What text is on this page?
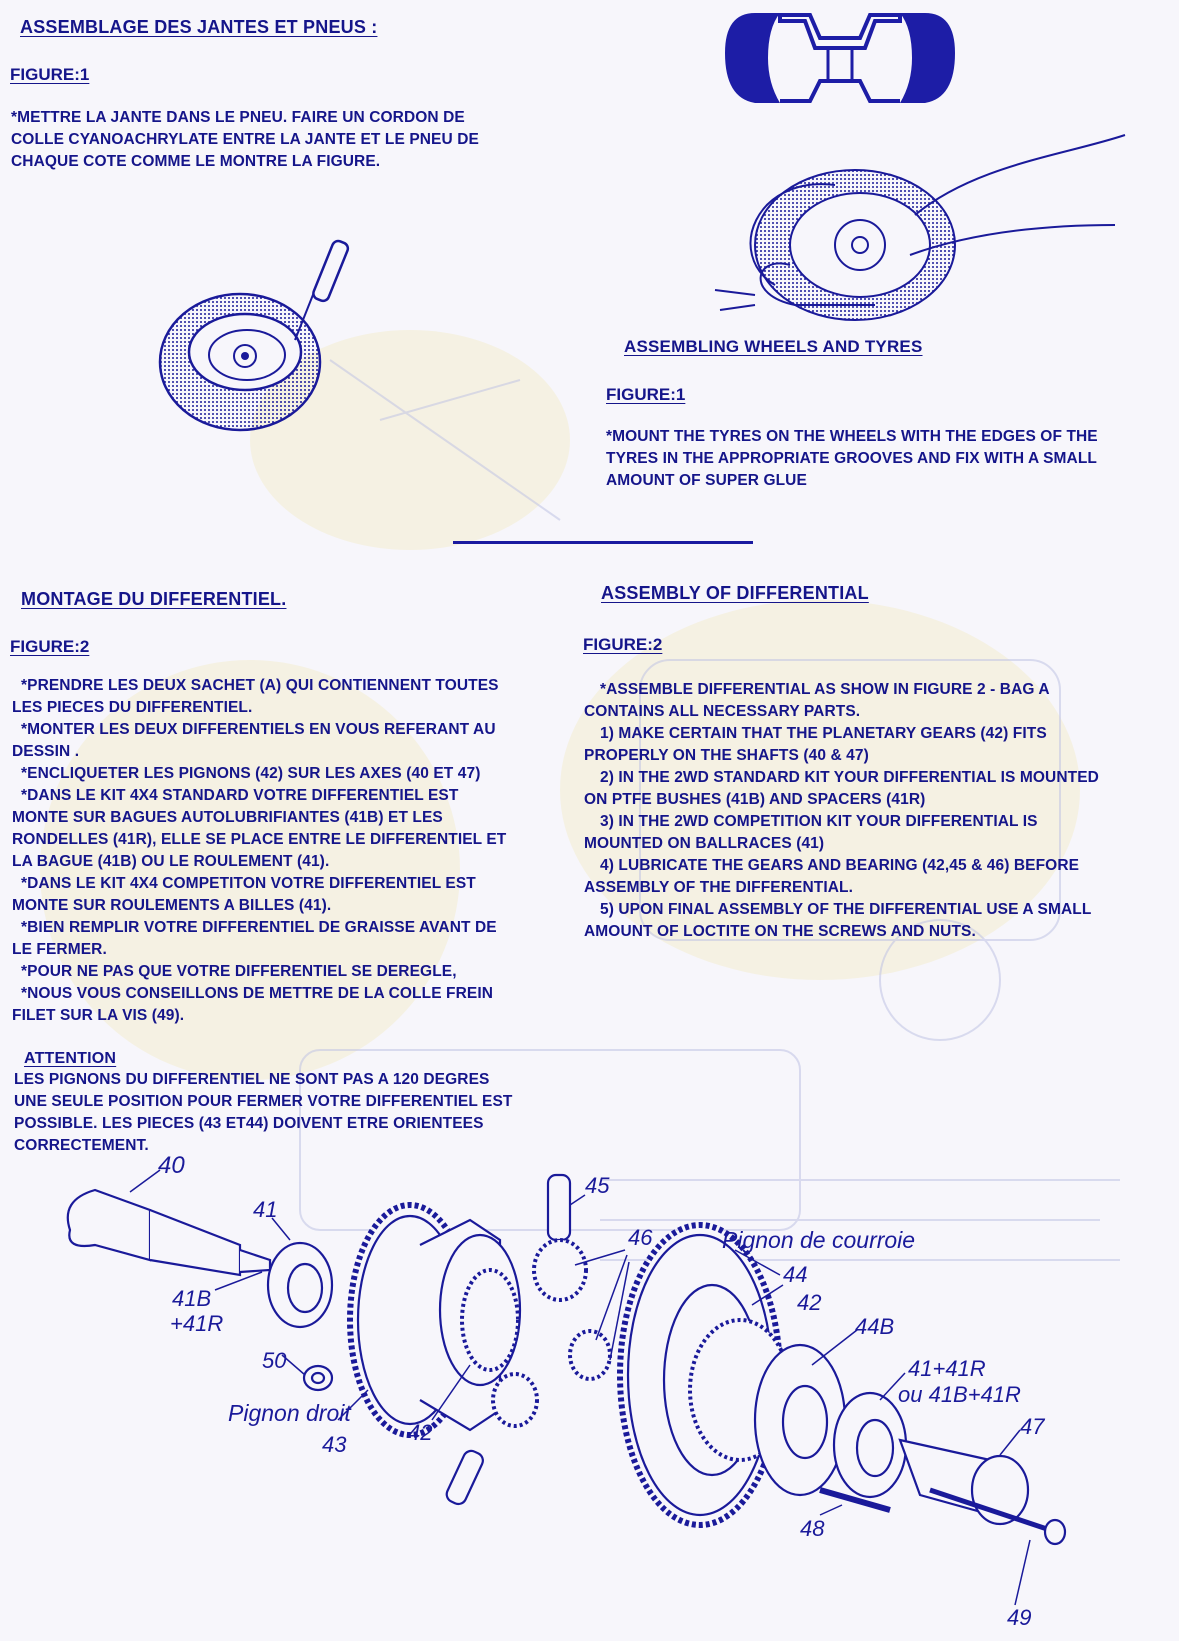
ASSEMBLAGE DES JANTES ET PNEUS :
FIGURE:1
*METTRE LA JANTE DANS LE PNEU. FAIRE UN CORDON DE COLLE CYANOACHRYLATE ENTRE LA JANTE ET LE PNEU DE CHAQUE COTE COMME LE MONTRE LA FIGURE.
ASSEMBLING WHEELS AND TYRES
FIGURE:1

*MOUNT THE TYRES ON THE WHEELS WITH THE EDGES OF THE

TYRES IN THE APPROPRIATE GROOVES AND FIX WITH A SMALL

AMOUNT OF SUPER GLUE

MONTAGE DU DIFFERENTIEL.
FIGURE:2

*PRENDRE LES DEUX SACHET (A) QUI CONTIENNENT TOUTES

LES PIECES DU DIFFERENTIEL.

*MONTER LES DEUX DIFFERENTIELS EN VOUS REFERANT AU

DESSIN .

*ENCLIQUETER LES PIGNONS (42) SUR LES AXES (40 ET 47)

*DANS LE KIT 4X4 STANDARD VOTRE DIFFERENTIEL EST

MONTE SUR BAGUES AUTOLUBRIFIANTES (41B) ET LES

RONDELLES (41R), ELLE SE PLACE ENTRE LE DIFFERENTIEL ET

LA BAGUE (41B) OU LE ROULEMENT (41).

*DANS LE KIT 4X4 COMPETITON VOTRE DIFFERENTIEL EST

MONTE SUR ROULEMENTS A BILLES (41).

*BIEN REMPLIR VOTRE DIFFERENTIEL DE GRAISSE AVANT DE

LE FERMER.

*POUR NE PAS QUE VOTRE DIFFERENTIEL SE DEREGLE,

*NOUS VOUS CONSEILLONS DE METTRE DE LA COLLE FREIN

FILET SUR LA VIS (49).

ATTENTION

LES PIGNONS DU DIFFERENTIEL NE SONT PAS A 120 DEGRES

UNE SEULE POSITION POUR FERMER VOTRE DIFFERENTIEL EST

POSSIBLE. LES PIECES (43 ET44) DOIVENT ETRE ORIENTEES

CORRECTEMENT.

ASSEMBLY OF DIFFERENTIAL
FIGURE:2

*ASSEMBLE DIFFERENTIAL AS SHOW IN FIGURE 2 - BAG A

CONTAINS ALL NECESSARY PARTS.

1) MAKE CERTAIN THAT THE PLANETARY GEARS (42) FITS

PROPERLY ON THE SHAFTS (40 & 47)

2) IN THE 2WD STANDARD KIT YOUR DIFFERENTIAL IS MOUNTED

ON PTFE BUSHES (41B) AND SPACERS (41R)

3) IN THE 2WD COMPETITION KIT YOUR DIFFERENTIAL IS

MOUNTED ON BALLRACES (41)

4) LUBRICATE THE GEARS AND BEARING (42,45 & 46) BEFORE

ASSEMBLY OF THE DIFFERENTIAL.

5) UPON FINAL ASSEMBLY OF THE DIFFERENTIAL USE A SMALL

AMOUNT OF LOCTITE ON THE SCREWS AND NUTS.

40
41
41B
+41R
50
Pignon droit
43	42
45
46	Pignon de courroie
44
42
44B
41+41R
ou 41B+41R
47
48
49
